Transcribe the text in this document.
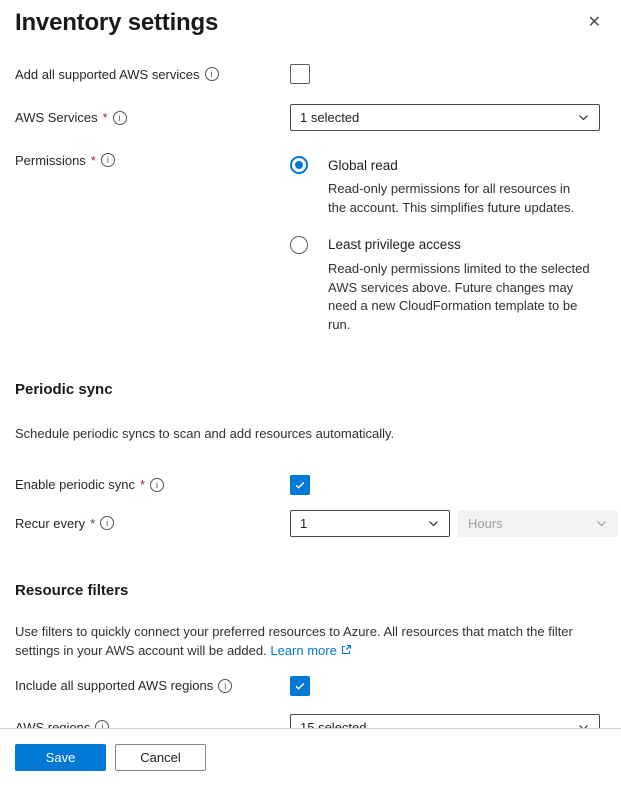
Inventory settings	✕
Add all supported AWS services	i
AWS Services *	i	1 selected
Permissions *	i	Global read
Read-only permissions for all resources in the account. This simplifies future updates.
Least privilege access
Read-only permissions limited to the selected AWS services above. Future changes may need a new CloudFormation template to be run.
Periodic sync

Schedule periodic syncs to scan and add resources automatically.

Enable periodic sync *	i
Recur every *	i	1	Hours
Resource filters

Use filters to quickly connect your preferred resources to Azure. All resources that match the filter settings in your AWS account will be added. Learn more

Include all supported AWS regions	i
Save	Cancel
